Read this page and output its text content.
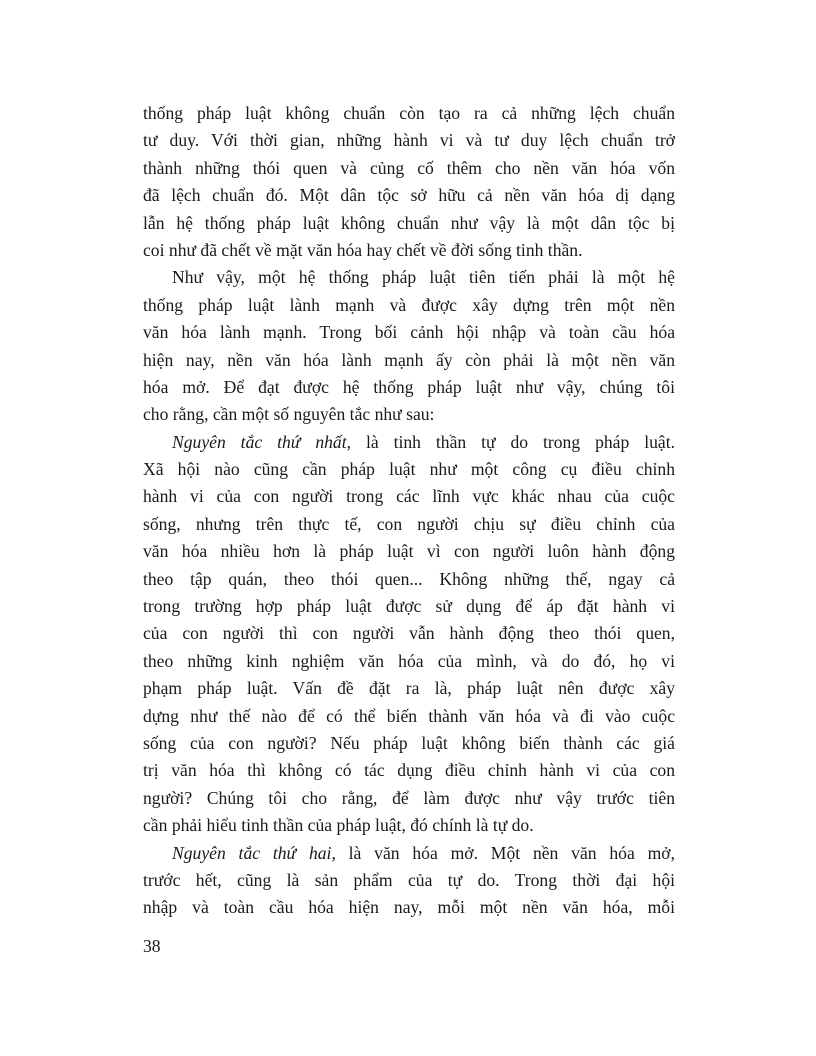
thống pháp luật không chuẩn còn tạo ra cả những lệch chuẩn
tư duy. Với thời gian, những hành vi và tư duy lệch chuẩn trở
thành những thói quen và củng cố thêm cho nền văn hóa vốn
đã lệch chuẩn đó. Một dân tộc sở hữu cả nền văn hóa dị dạng
lẫn hệ thống pháp luật không chuẩn như vậy là một dân tộc bị
coi như đã chết về mặt văn hóa hay chết về đời sống tinh thần.
Như vậy, một hệ thống pháp luật tiên tiến phải là một hệ
thống pháp luật lành mạnh và được xây dựng trên một nền
văn hóa lành mạnh. Trong bối cảnh hội nhập và toàn cầu hóa
hiện nay, nền văn hóa lành mạnh ấy còn phải là một nền văn
hóa mở. Để đạt được hệ thống pháp luật như vậy, chúng tôi
cho rằng, cần một số nguyên tắc như sau:
Nguyên tắc thứ nhất, là tinh thần tự do trong pháp luật.
Xã hội nào cũng cần pháp luật như một công cụ điều chỉnh
hành vi của con người trong các lĩnh vực khác nhau của cuộc
sống, nhưng trên thực tế, con người chịu sự điều chỉnh của
văn hóa nhiều hơn là pháp luật vì con người luôn hành động
theo tập quán, theo thói quen... Không những thế, ngay cả
trong trường hợp pháp luật được sử dụng để áp đặt hành vi
của con người thì con người vẫn hành động theo thói quen,
theo những kinh nghiệm văn hóa của mình, và do đó, họ vi
phạm pháp luật. Vấn đề đặt ra là, pháp luật nên được xây
dựng như thế nào để có thể biến thành văn hóa và đi vào cuộc
sống của con người? Nếu pháp luật không biến thành các giá
trị văn hóa thì không có tác dụng điều chỉnh hành vi của con
người? Chúng tôi cho rằng, để làm được như vậy trước tiên
cần phải hiểu tinh thần của pháp luật, đó chính là tự do.
Nguyên tắc thứ hai, là văn hóa mở. Một nền văn hóa mở,
trước hết, cũng là sản phẩm của tự do. Trong thời đại hội
nhập và toàn cầu hóa hiện nay, mỗi một nền văn hóa, mỗi
38
